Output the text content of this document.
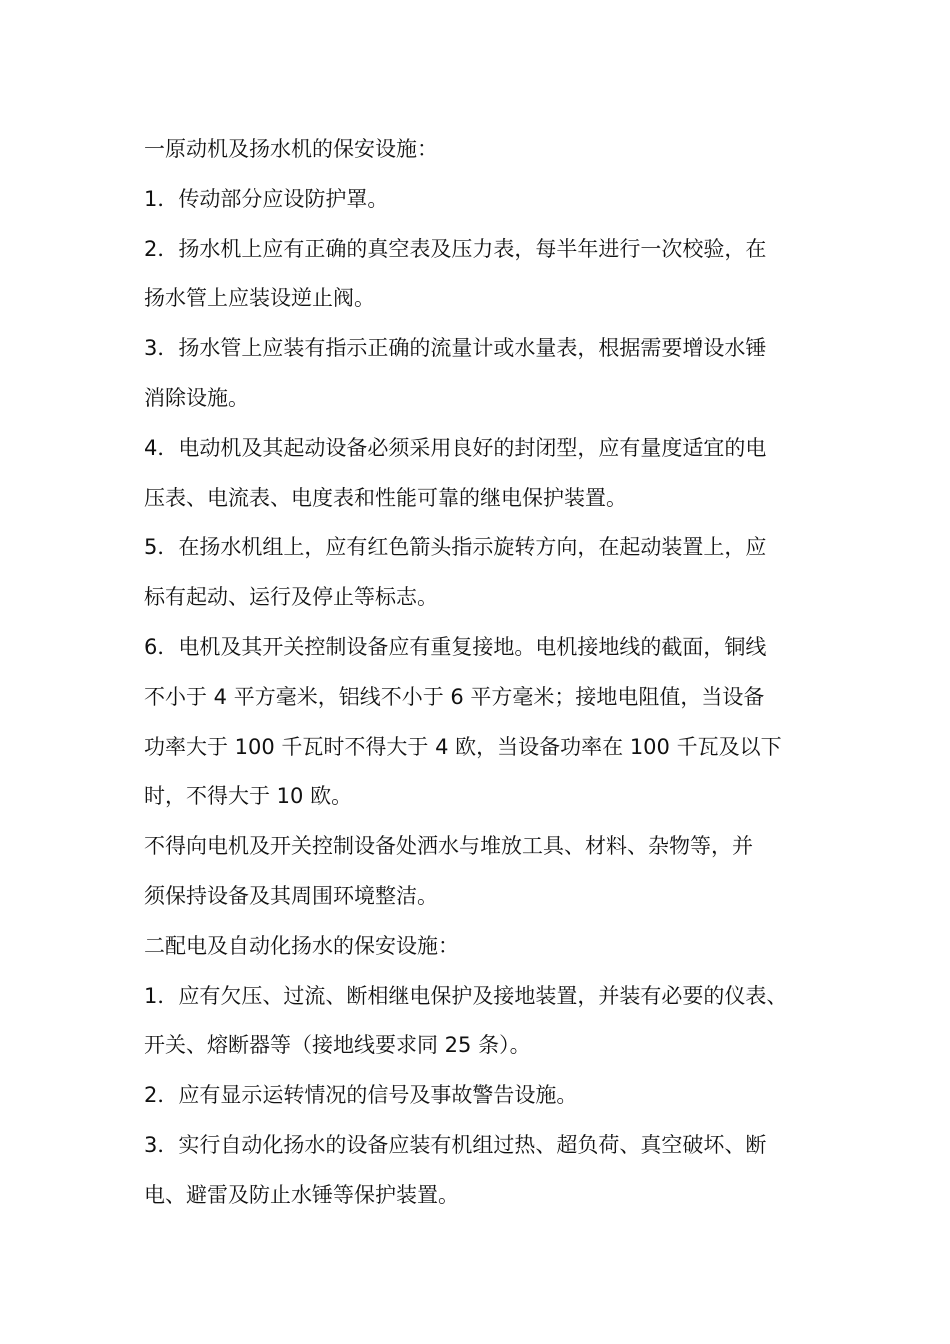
一原动机及扬水机的保安设施：

1．传动部分应设防护罩。

2．扬水机上应有正确的真空表及压力表，每半年进行一次校验，在

扬水管上应装设逆止阀。

3．扬水管上应装有指示正确的流量计或水量表，根据需要增设水锤

消除设施。

4．电动机及其起动设备必须采用良好的封闭型，应有量度适宜的电

压表、电流表、电度表和性能可靠的继电保护装置。

5．在扬水机组上，应有红色箭头指示旋转方向，在起动装置上，应

标有起动、运行及停止等标志。

6．电机及其开关控制设备应有重复接地。电机接地线的截面，铜线

不小于 4 平方毫米，铝线不小于 6 平方毫米；接地电阻值，当设备

功率大于 100 千瓦时不得大于 4 欧，当设备功率在 100 千瓦及以下

时，不得大于 10 欧。

不得向电机及开关控制设备处洒水与堆放工具、材料、杂物等，并

须保持设备及其周围环境整洁。

二配电及自动化扬水的保安设施：

1．应有欠压、过流、断相继电保护及接地装置，并装有必要的仪表、

开关、熔断器等（接地线要求同 25 条）。

2．应有显示运转情况的信号及事故警告设施。

3．实行自动化扬水的设备应装有机组过热、超负荷、真空破坏、断

电、避雷及防止水锤等保护装置。
